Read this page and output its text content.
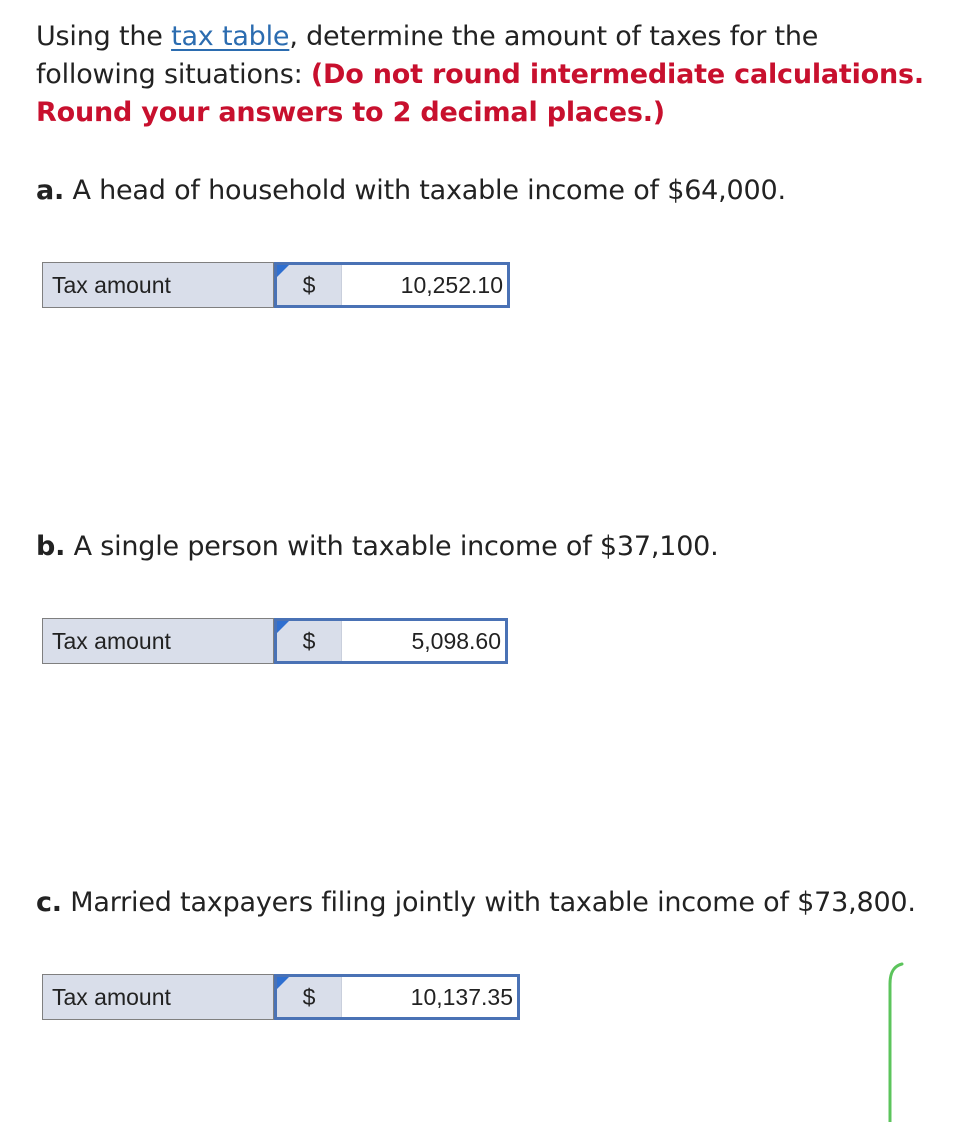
Using the tax table, determine the amount of taxes for the following situations: (Do not round intermediate calculations. Round your answers to 2 decimal places.)
a. A head of household with taxable income of $64,000.
Tax amount	$	10,252.10
b. A single person with taxable income of $37,100.
Tax amount	$	5,098.60
c. Married taxpayers filing jointly with taxable income of $73,800.
Tax amount	$	10,137.35
